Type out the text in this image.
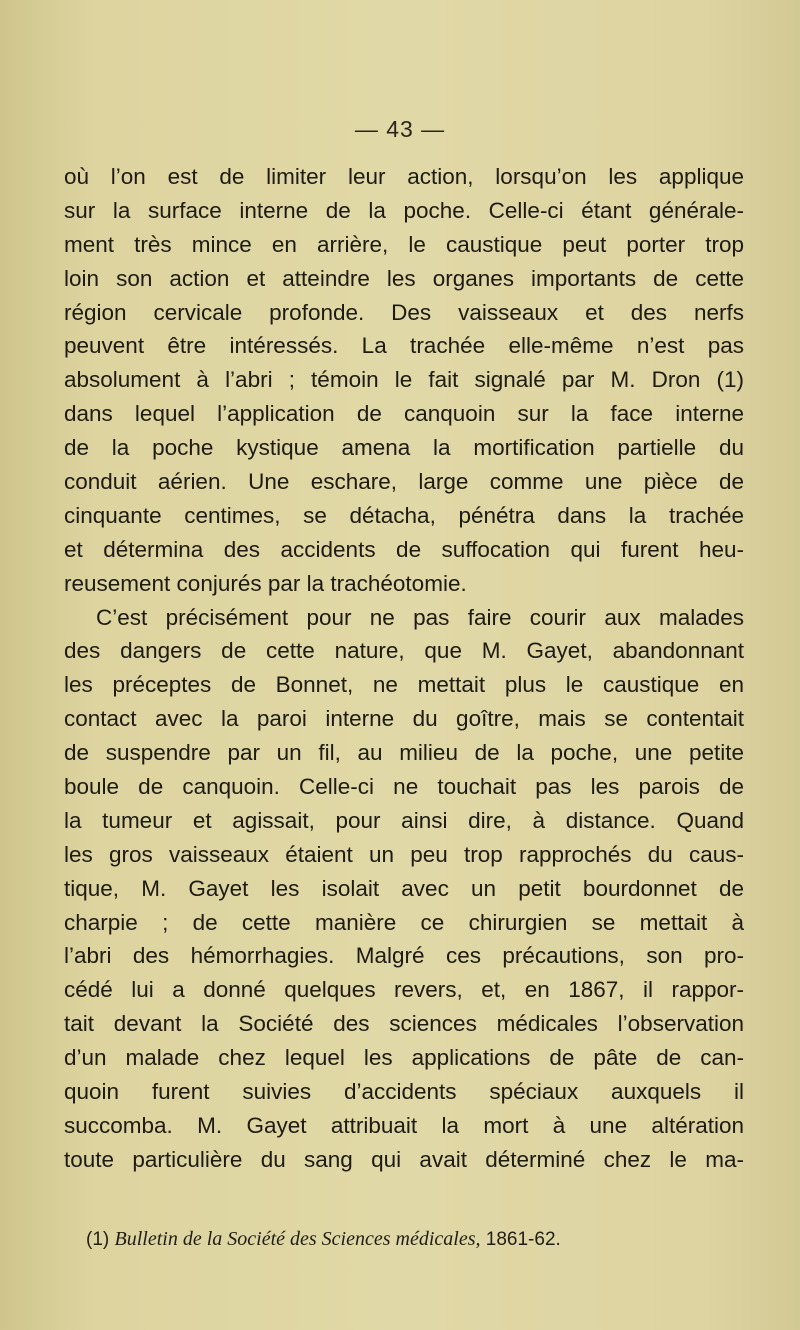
— 43 —
où l’on est de limiter leur action, lorsqu’on les applique
sur la surface interne de la poche. Celle-ci étant générale-
ment très mince en arrière, le caustique peut porter trop
loin son action et atteindre les organes importants de cette
région cervicale profonde. Des vaisseaux et des nerfs
peuvent être intéressés. La trachée elle-même n’est pas
absolument à l’abri ; témoin le fait signalé par M. Dron (1)
dans lequel l’application de canquoin sur la face interne
de la poche kystique amena la mortification partielle du
conduit aérien. Une eschare, large comme une pièce de
cinquante centimes, se détacha, pénétra dans la trachée
et détermina des accidents de suffocation qui furent heu-
reusement conjurés par la trachéotomie.
C’est précisément pour ne pas faire courir aux malades
des dangers de cette nature, que M. Gayet, abandonnant
les préceptes de Bonnet, ne mettait plus le caustique en
contact avec la paroi interne du goître, mais se contentait
de suspendre par un fil, au milieu de la poche, une petite
boule de canquoin. Celle-ci ne touchait pas les parois de
la tumeur et agissait, pour ainsi dire, à distance. Quand
les gros vaisseaux étaient un peu trop rapprochés du caus-
tique, M. Gayet les isolait avec un petit bourdonnet de
charpie ; de cette manière ce chirurgien se mettait à
l’abri des hémorrhagies. Malgré ces précautions, son pro-
cédé lui a donné quelques revers, et, en 1867, il rappor-
tait devant la Société des sciences médicales l’observation
d’un malade chez lequel les applications de pâte de can-
quoin furent suivies d’accidents spéciaux auxquels il
succomba. M. Gayet attribuait la mort à une altération
toute particulière du sang qui avait déterminé chez le ma-
(1) Bulletin de la Société des Sciences médicales, 1861-62.
